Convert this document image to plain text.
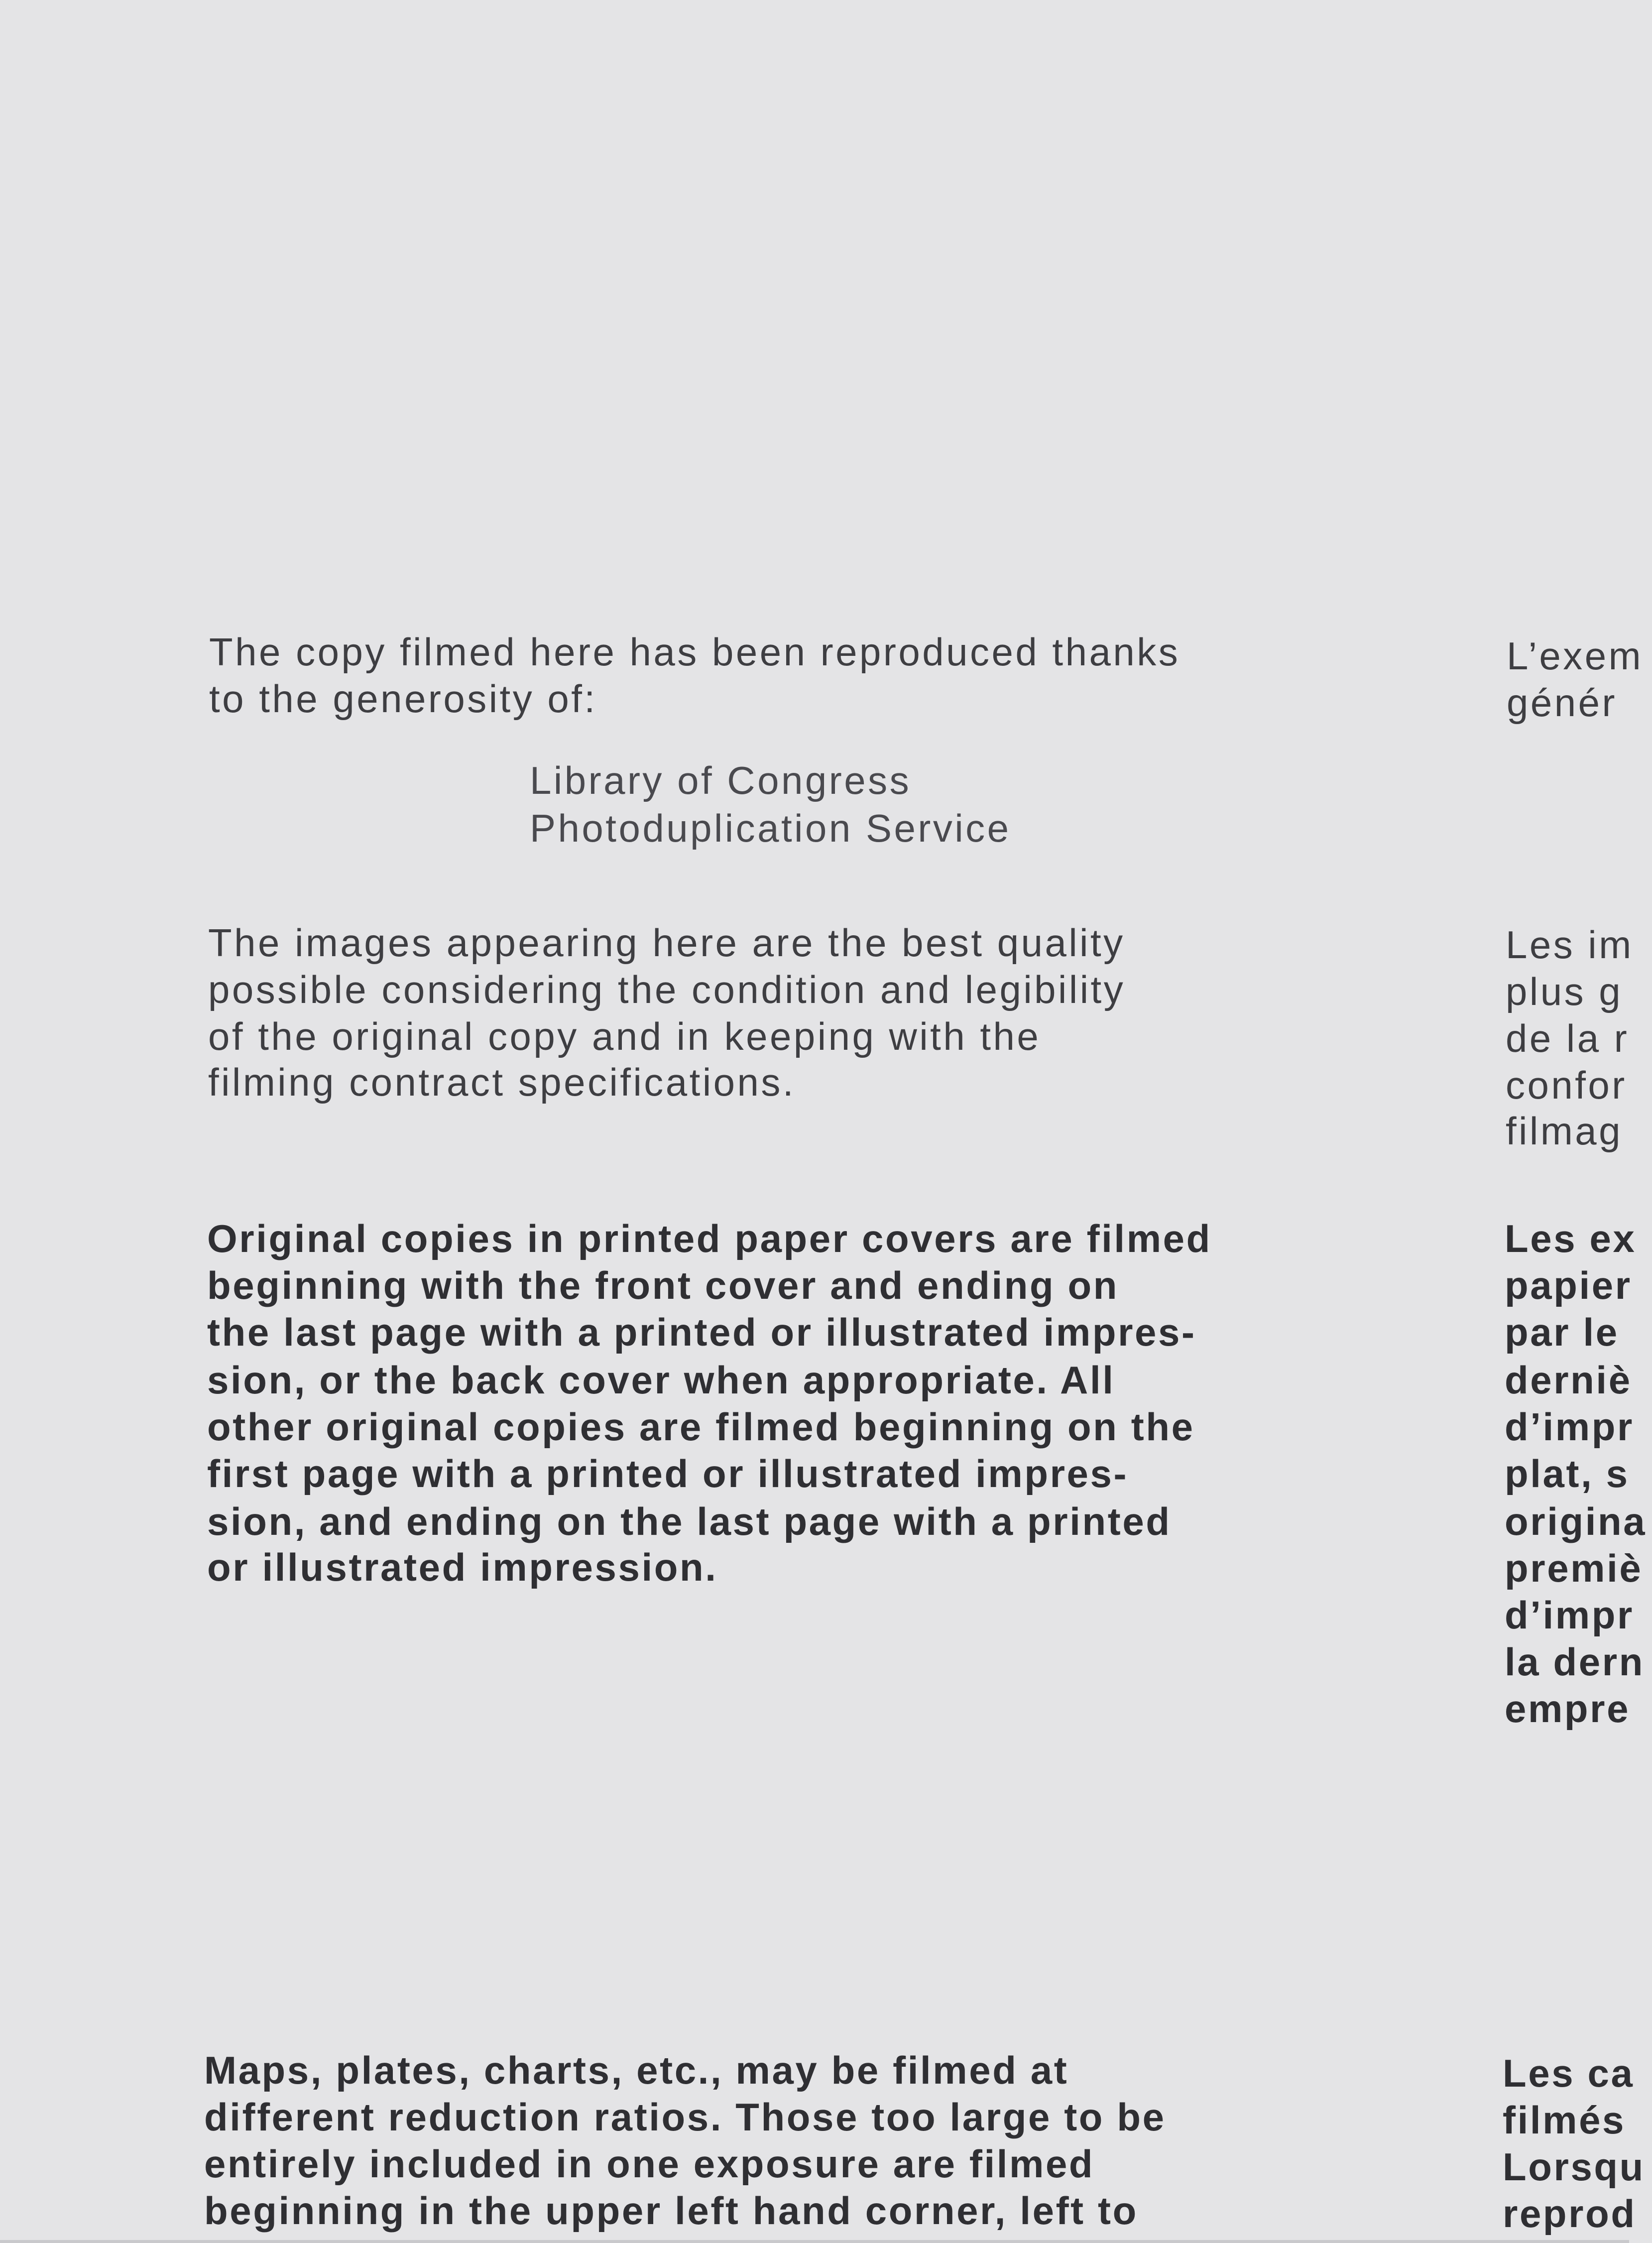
The copy filmed here has been reproduced thanks
to the generosity of:
Library of Congress
Photoduplication Service
The images appearing here are the best quality
possible considering the condition and legibility
of the original copy and in keeping with the
filming contract specifications.
Original copies in printed paper covers are filmed
beginning with the front cover and ending on
the last page with a printed or illustrated impres-
sion, or the back cover when appropriate. All
other original copies are filmed beginning on the
first page with a printed or illustrated impres-
sion, and ending on the last page with a printed
or illustrated impression.
Maps, plates, charts, etc., may be filmed at
different reduction ratios. Those too large to be
entirely included in one exposure are filmed
beginning in the upper left hand corner, left to
L’exem
génér
Les im
plus g
de la r
confor
filmag
Les ex
papier
par le
derniè
d’impr
plat, s
origina
premiè
d’impr
la dern
empre
Les ca
filmés
Lorsqu
reprod
